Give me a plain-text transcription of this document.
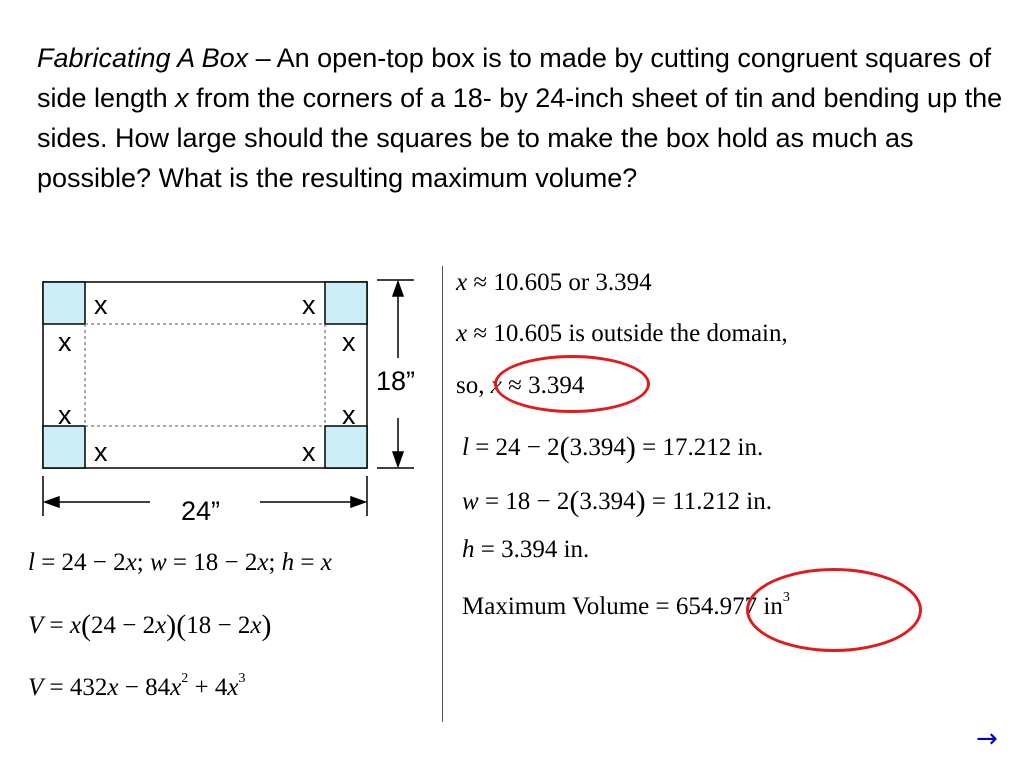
Fabricating A Box – An open-top box is to made by cutting congruent squares of side length x from the corners of a 18- by 24-inch sheet of tin and bending up the sides. How large should the squares be to make the box hold as much as possible? What is the resulting maximum volume?

x	x
x	x
x	x
x	x
18”
24”
l = 24 − 2x; w = 18 − 2x; h = x
V = x(24 − 2x)(18 − 2x)
$V = 432x - 84x^2 + 4x^3$
x ≈ 10.605 or 3.394
x ≈ 10.605 is outside the domain,
so, x ≈ 3.394
l = 24 − 2(3.394) = 17.212 in.
w = 18 − 2(3.394) = 11.212 in.
h = 3.394 in.
Maximum Volume = 654.977 $in^3$
→
